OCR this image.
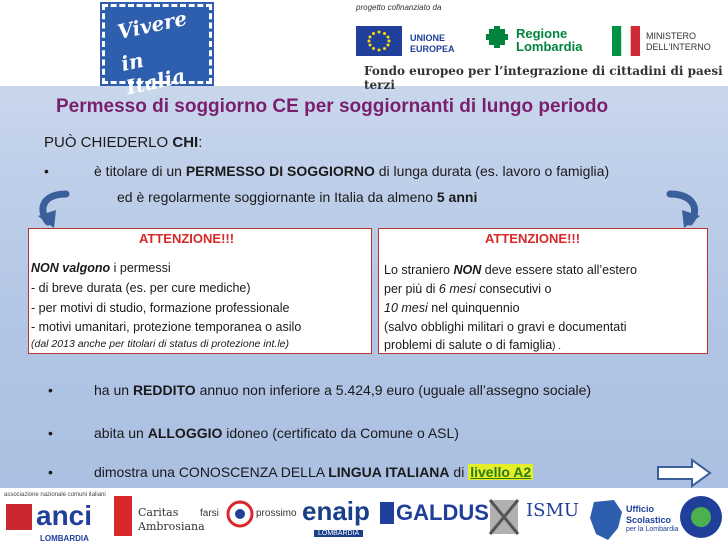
Vivere
in Italia
progetto cofinanziato da
UNIONE
EUROPEA
Regione
Lombardia
MINISTERO
DELL'INTERNO
Fondo europeo per l’integrazione di cittadini di paesi terzi
Permesso di soggiorno CE per soggiornanti di lungo periodo
PUÒ CHIEDERLO CHI:
•	è titolare di un PERMESSO DI SOGGIORNO di lunga durata (es. lavoro o famiglia)
ed è regolarmente soggiornante in Italia da almeno 5 anni
ATTENZIONE!!!
NON valgono i permessi
- di breve durata (es. per cure mediche)
- per motivi di studio, formazione professionale
- motivi umanitari, protezione temporanea o asilo
(dal 2013 anche per titolari di status di protezione int.le)
ATTENZIONE!!!
Lo straniero NON deve essere stato all’estero
per più di 6 mesi consecutivi o
10 mesi nel quinquennio
(salvo obblighi militari o gravi e documentati
problemi di salute o di famiglia) .
•	ha un REDDITO annuo non inferiore a 5.424,9 euro (uguale all’assegno sociale)
•	abita un ALLOGGIO idoneo (certificato da Comune o ASL)
•	dimostra una CONOSCENZA DELLA LINGUA ITALIANA di livello A2
associazione nazionale comuni italiani
anci
LOMBARDIA
Caritas
Ambrosiana
farsi	prossimo enaip
LOMBARDIA
GALDUS ISMU	Ufficio
Scolastico
per la Lombardia
